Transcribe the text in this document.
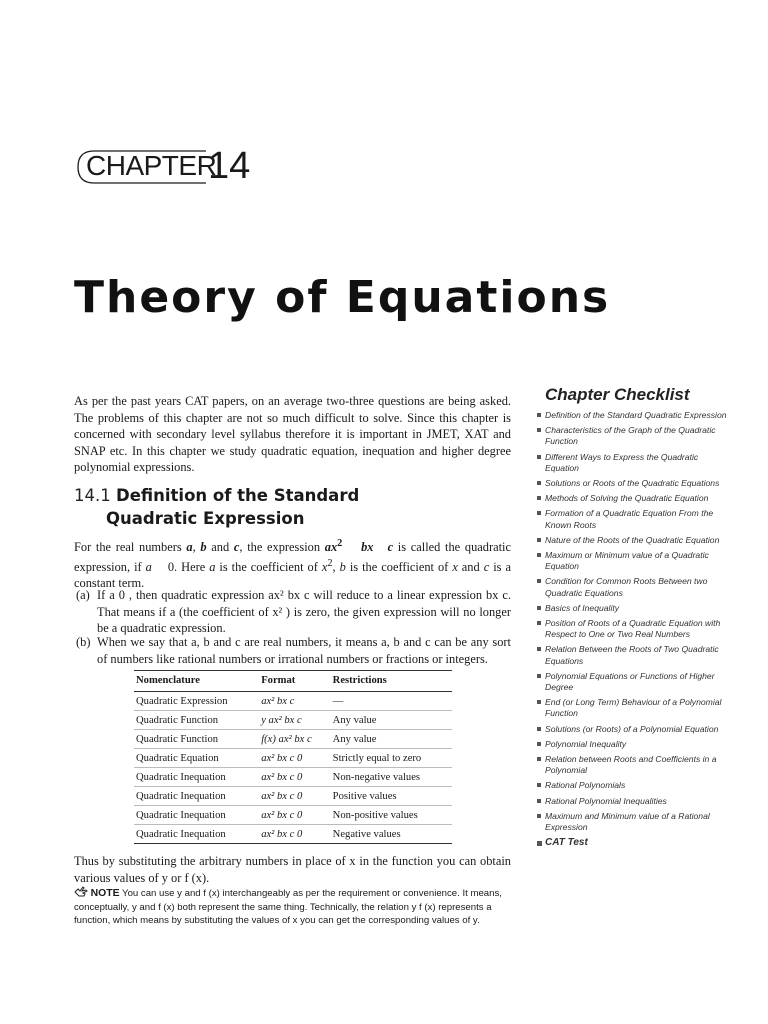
CHAPTER
14
Theory of Equations
As per the past years CAT papers, on an average two-three questions are being asked. The problems of this chapter are not so much difficult to solve. Since this chapter is concerned with secondary level syllabus therefore it is important in JMET, XAT and SNAP etc. In this chapter we study quadratic equation, inequation and higher degree polynomial expressions.
14.1 Definition of the Standard
Quadratic Expression
For the real numbers a, b and c, the expression $ax^2$ bx c is called the quadratic expression, if a 0. Here a is the coefficient of $x^2$, b is the coefficient of x and c is a constant term.
(a) If a 0 , then quadratic expression ax² bx c will reduce to a linear expression bx c. That means if a (the coefficient of x² ) is zero, the given expression will no longer be a quadratic expression.
(b) When we say that a, b and c are real numbers, it means a, b and c can be any sort of numbers like rational numbers or irrational numbers or fractions or integers.
Nomenclature	Format	Restrictions
Quadratic Expression	ax² bx c	—
Quadratic Function	y ax² bx c	Any value
Quadratic Function	f(x) ax² bx c	Any value
Quadratic Equation	ax² bx c 0	Strictly equal to zero
Quadratic Inequation	ax² bx c 0	Non-negative values
Quadratic Inequation	ax² bx c 0	Positive values
Quadratic Inequation	ax² bx c 0	Non-positive values
Quadratic Inequation	ax² bx c 0	Negative values
Thus by substituting the arbitrary numbers in place of x in the function you can obtain various values of y or f (x).
NOTE You can use y and f (x) interchangeably as per the requirement or convenience. It means, conceptually, y and f (x) both represent the same thing. Technically, the relation y f (x) represents a function, which means by substituting the values of x you can get the corresponding values of y.
Chapter Checklist
Definition of the Standard Quadratic Expression
Characteristics of the Graph of the Quadratic Function
Different Ways to Express the Quadratic Equation
Solutions or Roots of the Quadratic Equations
Methods of Solving the Quadratic Equation
Formation of a Quadratic Equation From the Known Roots
Nature of the Roots of the Quadratic Equation
Maximum or Minimum value of a Quadratic Equation
Condition for Common Roots Between two Quadratic Equations
Basics of Inequality
Position of Roots of a Quadratic Equation with Respect to One or Two Real Numbers
Relation Between the Roots of Two Quadratic Equations
Polynomial Equations or Functions of Higher Degree
End (or Long Term) Behaviour of a Polynomial Function
Solutions (or Roots) of a Polynomial Equation
Polynomial Inequality
Relation between Roots and Coefficients in a Polynomial
Rational Polynomials
Rational Polynomial Inequalities
Maximum and Minimum value of a Rational Expression
CAT Test
